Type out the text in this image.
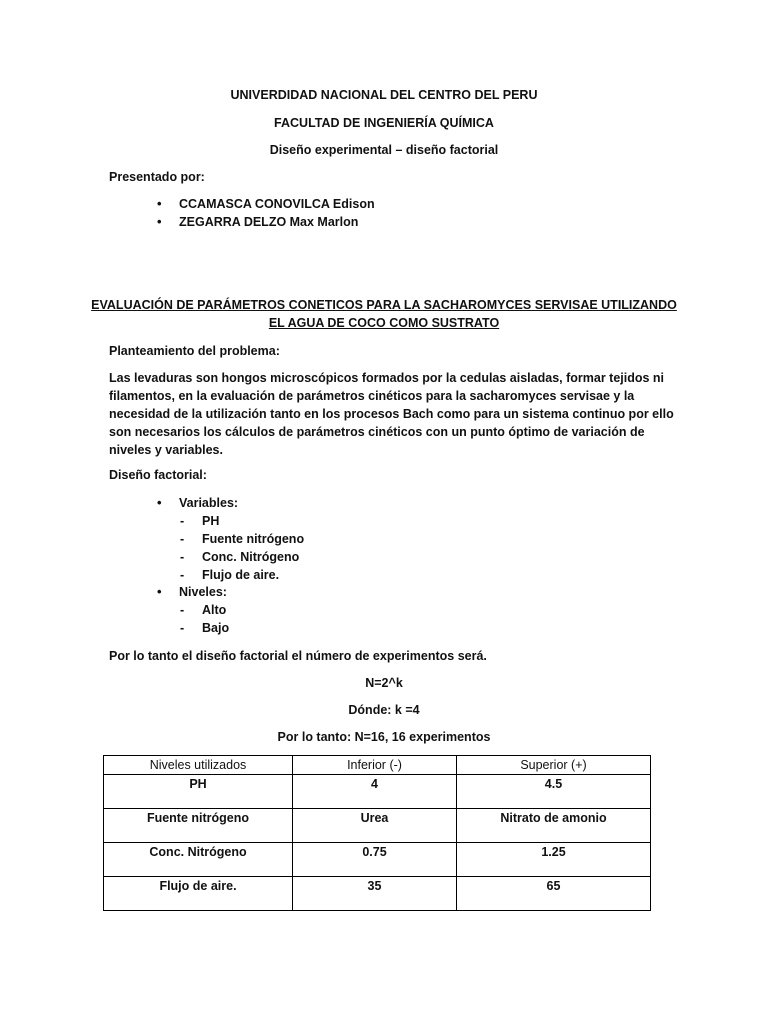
UNIVERDIDAD NACIONAL DEL CENTRO DEL PERU
FACULTAD DE INGENIERÍA QUÍMICA
Diseño experimental – diseño factorial
Presentado por:
• CCAMASCA CONOVILCA Edison
• ZEGARRA DELZO Max Marlon
EVALUACIÓN DE PARÁMETROS CONETICOS PARA LA SACHAROMYCES SERVISAE UTILIZANDO
EL AGUA DE COCO COMO SUSTRATO
Planteamiento del problema:
Las levaduras son hongos microscópicos formados por la cedulas aisladas, formar tejidos ni
filamentos, en la evaluación de parámetros cinéticos para la sacharomyces servisae y la
necesidad de la utilización tanto en los procesos Bach como para un sistema continuo por ello
son necesarios los cálculos de parámetros cinéticos con un punto óptimo de variación de
niveles y variables.
Diseño factorial:
• Variables:
- PH
- Fuente nitrógeno
- Conc. Nitrógeno
- Flujo de aire.
• Niveles:
- Alto
- Bajo
Por lo tanto el diseño factorial el número de experimentos será.
N=2^k
Dónde: k =4
Por lo tanto: N=16, 16 experimentos
Niveles utilizados	Inferior (-)	Superior (+)
PH	4	4.5
Fuente nitrógeno	Urea	Nitrato de amonio
Conc. Nitrógeno	0.75	1.25
Flujo de aire.	35	65
